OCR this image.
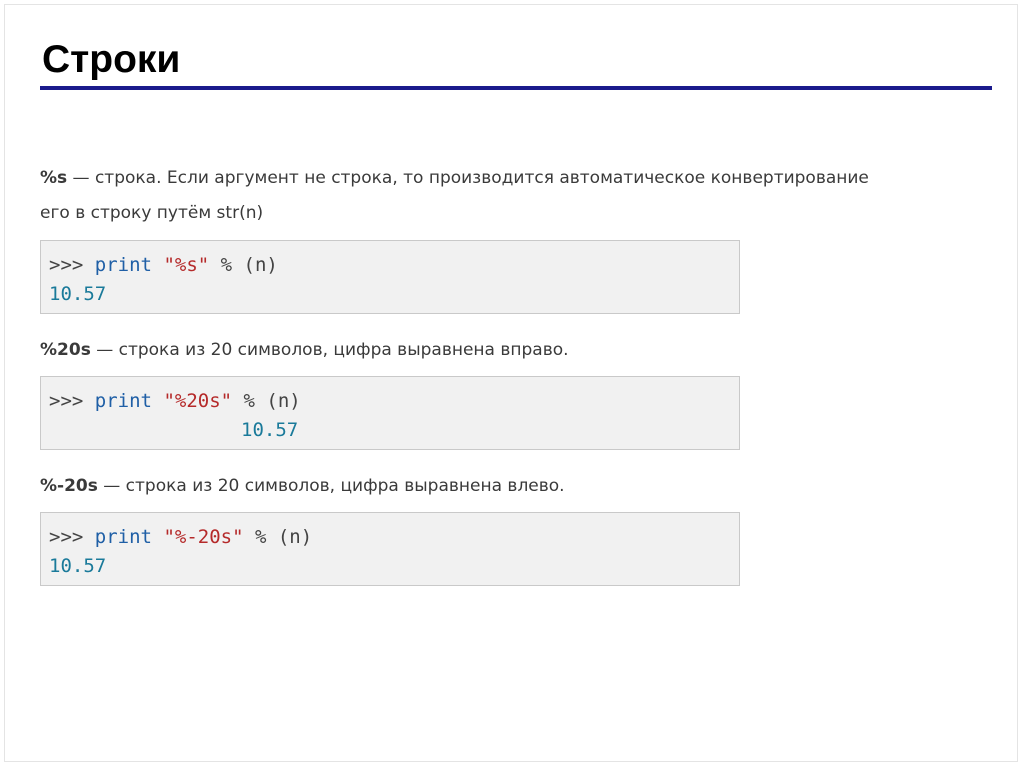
Строки

%s — строка. Если аргумент не строка, то производится автоматическое конвертирование
его в строку путём str(n)

>>> print "%s" % (n)
10.57

%20s — строка из 20 символов, цифра выравнена вправо.

>>> print "%20s" % (n)
10.57

%-20s — строка из 20 символов, цифра выравнена влево.

>>> print "%-20s" % (n)
10.57
